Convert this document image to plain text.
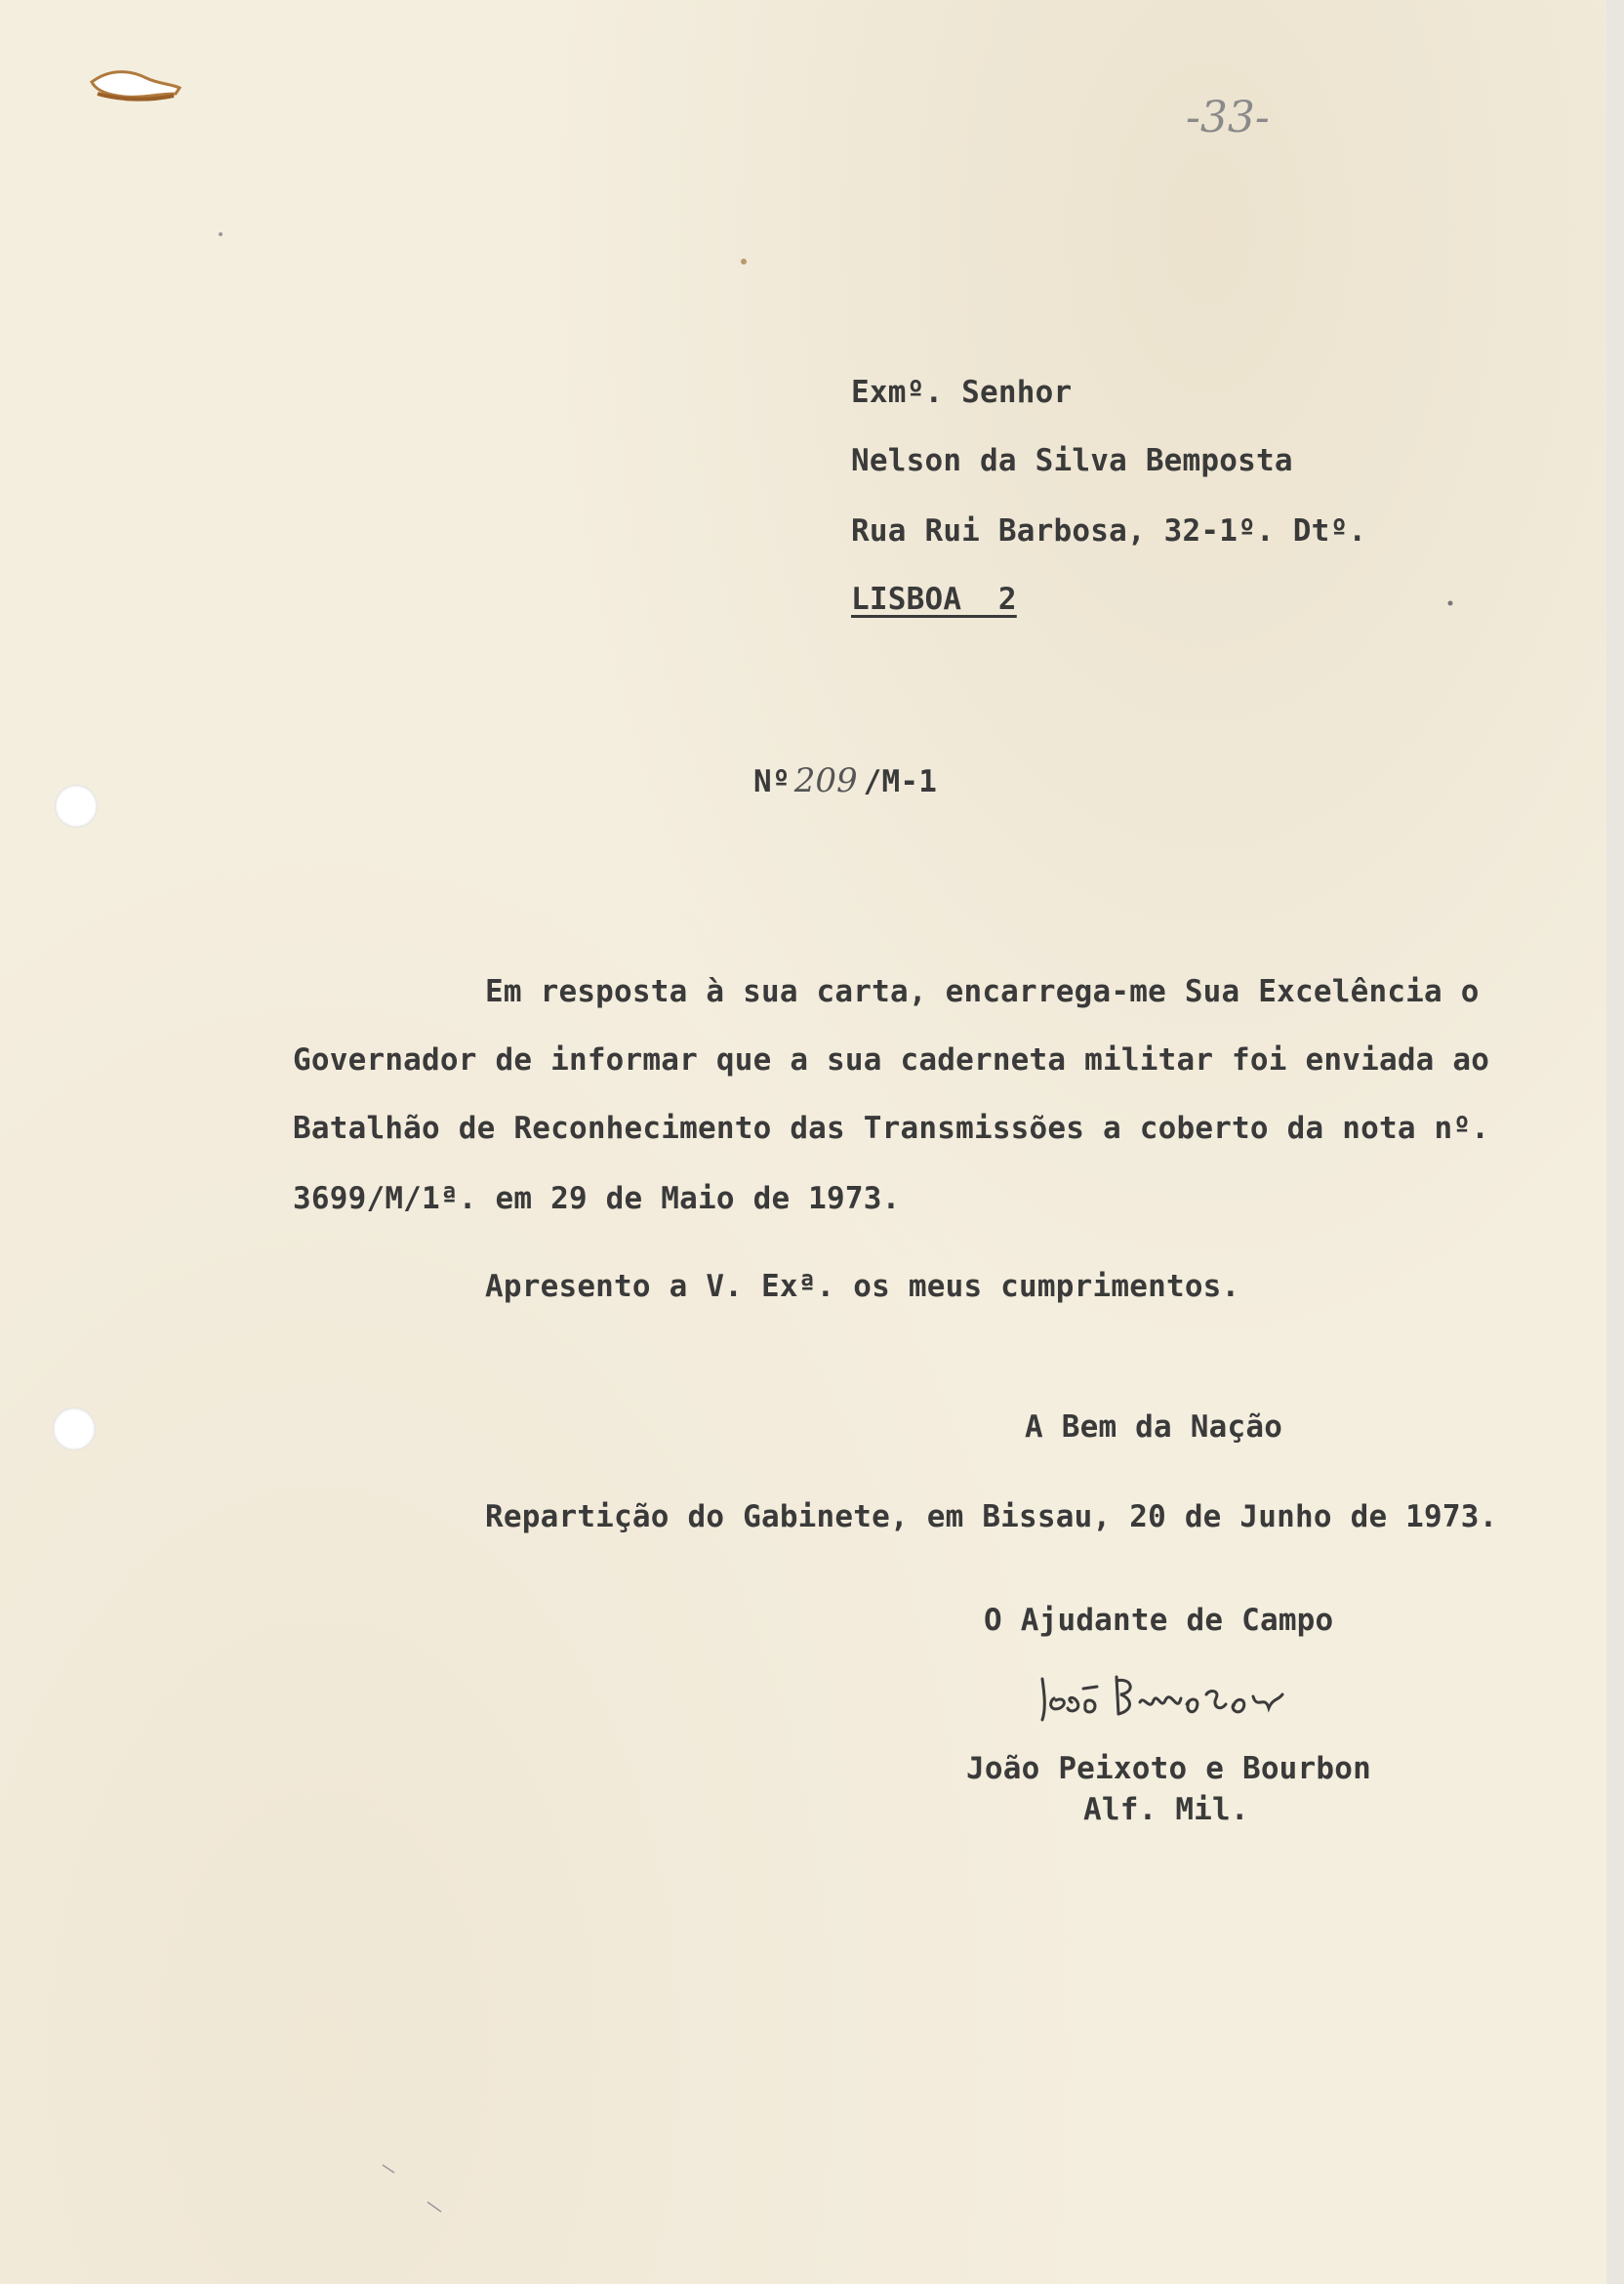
-33-
Exmº. Senhor
Nelson da Silva Bemposta
Rua Rui Barbosa, 32-1º. Dtº.
LISBOA  2
Nº 209 /M-1
Em resposta à sua carta, encarrega-me Sua Excelência o
Governador de informar que a sua caderneta militar foi enviada ao
Batalhão de Reconhecimento das Transmissões a coberto da nota nº.
3699/M/1ª. em 29 de Maio de 1973.
Apresento a V. Exª. os meus cumprimentos.
A Bem da Nação
Repartição do Gabinete, em Bissau, 20 de Junho de 1973.
O Ajudante de Campo
João Peixoto e Bourbon
Alf. Mil.
